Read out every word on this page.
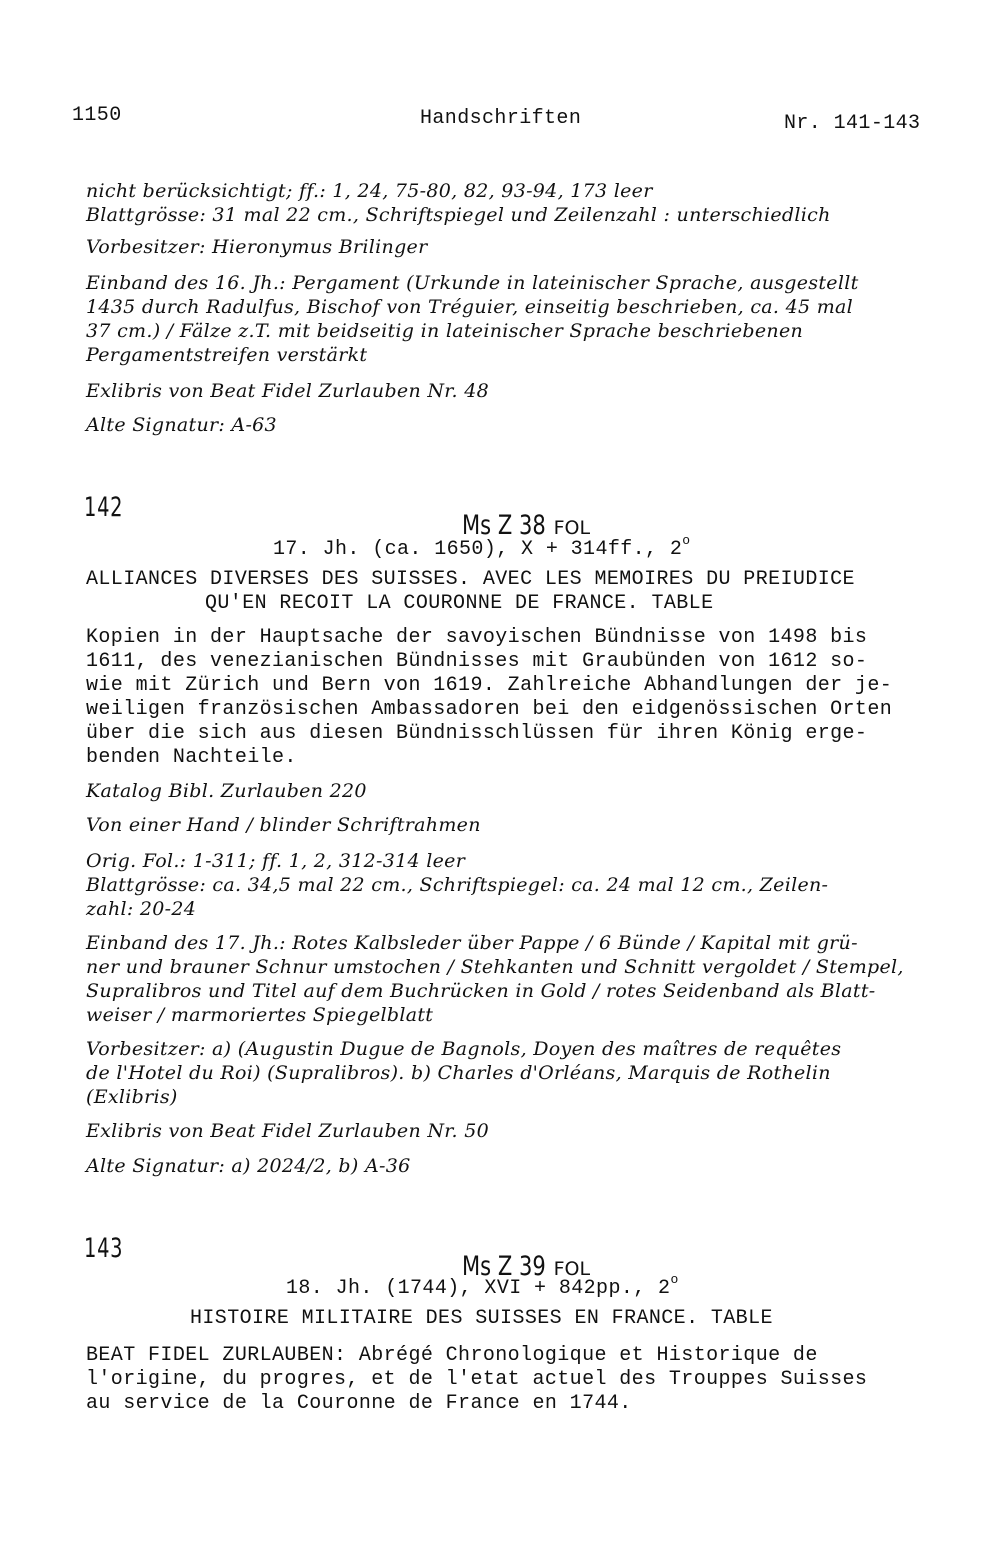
1150	Handschriften	Nr. 141-143
nicht berücksichtigt; ff.: 1, 24, 75-80, 82, 93-94, 173 leer
Blattgrösse: 31 mal 22 cm., Schriftspiegel und Zeilenzahl : unterschiedlich
Vorbesitzer: Hieronymus Brilinger
Einband des 16. Jh.: Pergament (Urkunde in lateinischer Sprache, ausgestellt
1435 durch Radulfus, Bischof von Tréguier, einseitig beschrieben, ca. 45 mal
37 cm.) / Fälze z.T. mit beidseitig in lateinischer Sprache beschriebenen
Pergamentstreifen verstärkt
Exlibris von Beat Fidel Zurlauben Nr. 48
Alte Signatur: A-63
142

Ms Z 38 FOL

17. Jh. (ca. 1650), X + 314ff., 2$^o$
ALLIANCES DIVERSES DES SUISSES. AVEC LES MEMOIRES DU PREIUDICE
QU'EN RECOIT LA COURONNE DE FRANCE. TABLE
Kopien in der Hauptsache der savoyischen Bündnisse von 1498 bis
1611, des venezianischen Bündnisses mit Graubünden von 1612 so-
wie mit Zürich und Bern von 1619. Zahlreiche Abhandlungen der je-
weiligen französischen Ambassadoren bei den eidgenössischen Orten
über die sich aus diesen Bündnisschlüssen für ihren König erge-
benden Nachteile.
Katalog Bibl. Zurlauben 220
Von einer Hand / blinder Schriftrahmen
Orig. Fol.: 1-311; ff. 1, 2, 312-314 leer
Blattgrösse: ca. 34,5 mal 22 cm., Schriftspiegel: ca. 24 mal 12 cm., Zeilen-
zahl: 20-24
Einband des 17. Jh.: Rotes Kalbsleder über Pappe / 6 Bünde / Kapital mit grü-
ner und brauner Schnur umstochen / Stehkanten und Schnitt vergoldet / Stempel,
Supralibros und Titel auf dem Buchrücken in Gold / rotes Seidenband als Blatt-
weiser / marmoriertes Spiegelblatt
Vorbesitzer: a) (Augustin Dugue de Bagnols, Doyen des maîtres de requêtes
de l'Hotel du Roi) (Supralibros). b) Charles d'Orléans, Marquis de Rothelin
(Exlibris)
Exlibris von Beat Fidel Zurlauben Nr. 50
Alte Signatur: a) 2024/2, b) A-36
143

Ms Z 39 FOL

18. Jh. (1744), XVI + 842pp., 2$^o$
HISTOIRE MILITAIRE DES SUISSES EN FRANCE. TABLE
BEAT FIDEL ZURLAUBEN: Abrégé Chronologique et Historique de
l'origine, du progres, et de l'etat actuel des Trouppes Suisses
au service de la Couronne de France en 1744.
